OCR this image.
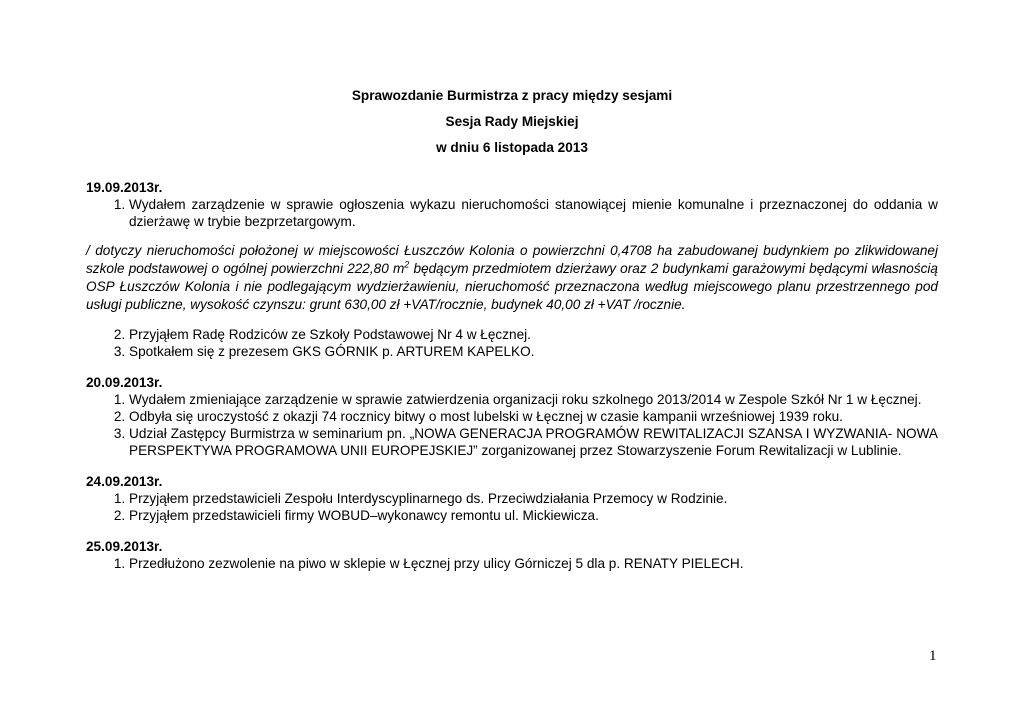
Sprawozdanie Burmistrza z pracy między sesjami
Sesja Rady Miejskiej
w dniu 6 listopada 2013
19.09.2013r.
1. Wydałem zarządzenie w sprawie ogłoszenia wykazu nieruchomości stanowiącej mienie komunalne i przeznaczonej do oddania w dzierżawę w trybie bezprzetargowym.
/ dotyczy nieruchomości położonej w miejscowości Łuszczów Kolonia o powierzchni 0,4708 ha zabudowanej budynkiem po zlikwidowanej szkole podstawowej o ogólnej powierzchni 222,80 $m^2$ będącym przedmiotem dzierżawy oraz 2 budynkami garażowymi będącymi własnością OSP Łuszczów Kolonia i nie podlegającym wydzierżawieniu, nieruchomość przeznaczona według miejscowego planu przestrzennego pod usługi publiczne, wysokość czynszu: grunt 630,00 zł +VAT/rocznie, budynek 40,00 zł +VAT /rocznie.
2. Przyjąłem Radę Rodziców ze Szkoły Podstawowej Nr 4 w Łęcznej.
3. Spotkałem się z prezesem GKS GÓRNIK p. ARTUREM KAPELKO.
20.09.2013r.
1. Wydałem zmieniające zarządzenie w sprawie zatwierdzenia organizacji roku szkolnego 2013/2014 w Zespole Szkół Nr 1 w Łęcznej.
2. Odbyła się uroczystość z okazji 74 rocznicy bitwy o most lubelski w Łęcznej w czasie kampanii wrześniowej 1939 roku.
3. Udział Zastępcy Burmistrza w seminarium pn. „NOWA GENERACJA PROGRAMÓW REWITALIZACJI SZANSA I WYZWANIA- NOWA PERSPEKTYWA PROGRAMOWA UNII EUROPEJSKIEJ” zorganizowanej przez Stowarzyszenie Forum Rewitalizacji w Lublinie.
24.09.2013r.
1. Przyjąłem przedstawicieli Zespołu Interdyscyplinarnego ds. Przeciwdziałania Przemocy w Rodzinie.
2. Przyjąłem przedstawicieli firmy WOBUD–wykonawcy remontu ul. Mickiewicza.
25.09.2013r.
1. Przedłużono zezwolenie na piwo w sklepie w Łęcznej przy ulicy Górniczej 5 dla p. RENATY PIELECH.
1
